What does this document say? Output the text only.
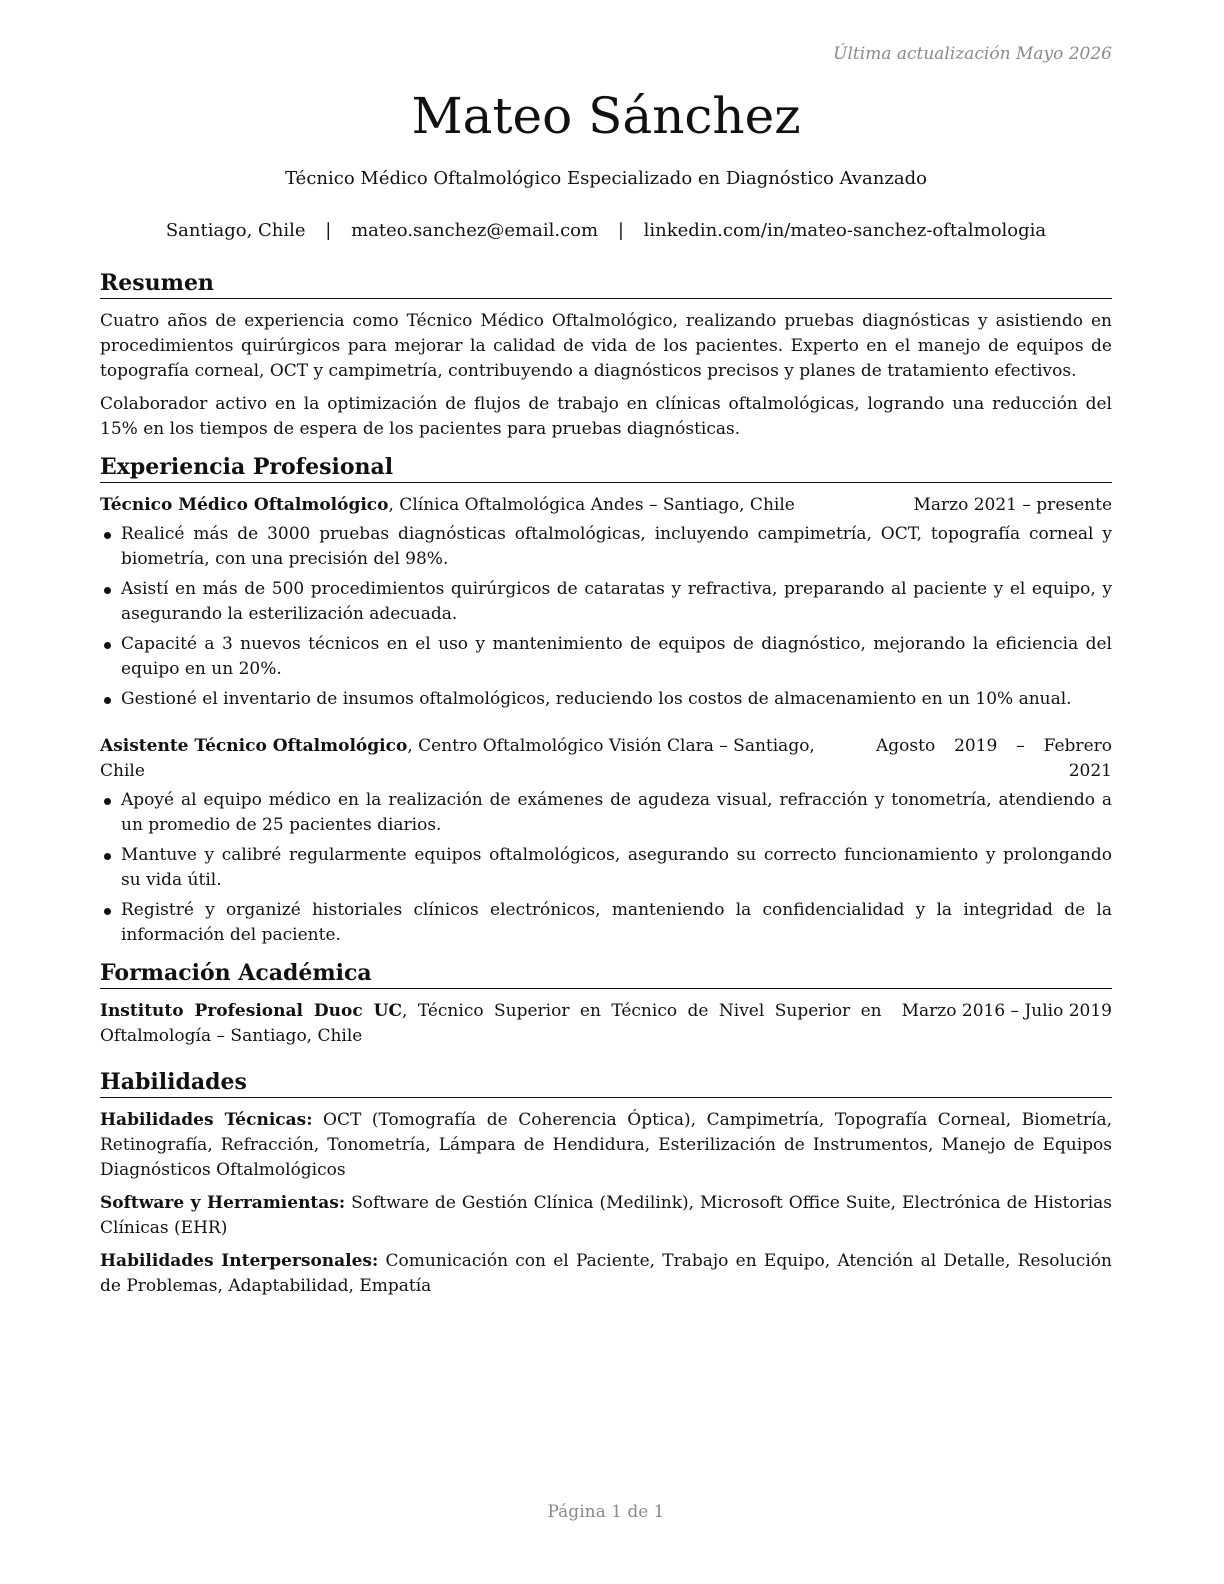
Última actualización Mayo 2026
Mateo Sánchez
Técnico Médico Oftalmológico Especializado en Diagnóstico Avanzado
Santiago, Chile | mateo.sanchez@email.com | linkedin.com/in/mateo-sanchez-oftalmologia
Resumen

Cuatro años de experiencia como Técnico Médico Oftalmológico, realizando pruebas diagnósticas y asistiendo en procedimientos quirúrgicos para mejorar la calidad de vida de los pacientes. Experto en el manejo de equipos de topografía corneal, OCT y campimetría, contribuyendo a diagnósticos precisos y planes de tratamiento efectivos.

Colaborador activo en la optimización de flujos de trabajo en clínicas oftalmológicas, logrando una reducción del 15% en los tiempos de espera de los pacientes para pruebas diagnósticas.

Experiencia Profesional
Técnico Médico Oftalmológico, Clínica Oftalmológica Andes – Santiago, Chile	Marzo 2021 – presente
Realicé más de 3000 pruebas diagnósticas oftalmológicas, incluyendo campimetría, OCT, topografía corneal y biometría, con una precisión del 98%.
Asistí en más de 500 procedimientos quirúrgicos de cataratas y refractiva, preparando al paciente y el equipo, y asegurando la esterilización adecuada.
Capacité a 3 nuevos técnicos en el uso y mantenimiento de equipos de diagnóstico, mejorando la eficiencia del equipo en un 20%.
Gestioné el inventario de insumos oftalmológicos, reduciendo los costos de almacenamiento en un 10% anual.
Asistente Técnico Oftalmológico, Centro Oftalmológico Visión Clara – Santiago, Chile
Agosto 2019 – Febrero 2021
Apoyé al equipo médico en la realización de exámenes de agudeza visual, refracción y tonometría, atendiendo a un promedio de 25 pacientes diarios.
Mantuve y calibré regularmente equipos oftalmológicos, asegurando su correcto funcionamiento y prolongando su vida útil.
Registré y organizé historiales clínicos electrónicos, manteniendo la confidencialidad y la integridad de la información del paciente.
Formación Académica
Instituto Profesional Duoc UC, Técnico Superior en Técnico de Nivel Superior en Oftalmología – Santiago, Chile
Marzo 2016 – Julio 2019
Habilidades
Habilidades Técnicas: OCT (Tomografía de Coherencia Óptica), Campimetría, Topografía Corneal, Biometría, Retinografía, Refracción, Tonometría, Lámpara de Hendidura, Esterilización de Instrumentos, Manejo de Equipos Diagnósticos Oftalmológicos
Software y Herramientas: Software de Gestión Clínica (Medilink), Microsoft Office Suite, Electrónica de Historias Clínicas (EHR)
Habilidades Interpersonales: Comunicación con el Paciente, Trabajo en Equipo, Atención al Detalle, Resolución de Problemas, Adaptabilidad, Empatía
Página 1 de 1
